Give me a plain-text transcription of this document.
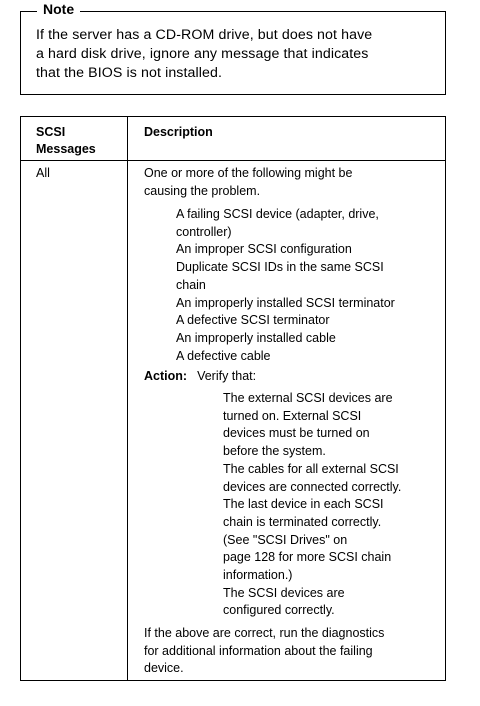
Note
If the server has a CD-ROM drive, but does not have
a hard disk drive, ignore any message that indicates
that the BIOS is not installed.
SCSI
Messages
Description
All	One or more of the following might be
causing the problem.
A failing SCSI device (adapter, drive,
controller)
An improper SCSI configuration
Duplicate SCSI IDs in the same SCSI
chain
An improperly installed SCSI terminator
A defective SCSI terminator
An improperly installed cable
A defective cable
Action: Verify that:
The external SCSI devices are
turned on. External SCSI
devices must be turned on
before the system.
The cables for all external SCSI
devices are connected correctly.
The last device in each SCSI
chain is terminated correctly.
(See "SCSI Drives" on
page 128 for more SCSI chain
information.)
The SCSI devices are
configured correctly.
If the above are correct, run the diagnostics
for additional information about the failing
device.
